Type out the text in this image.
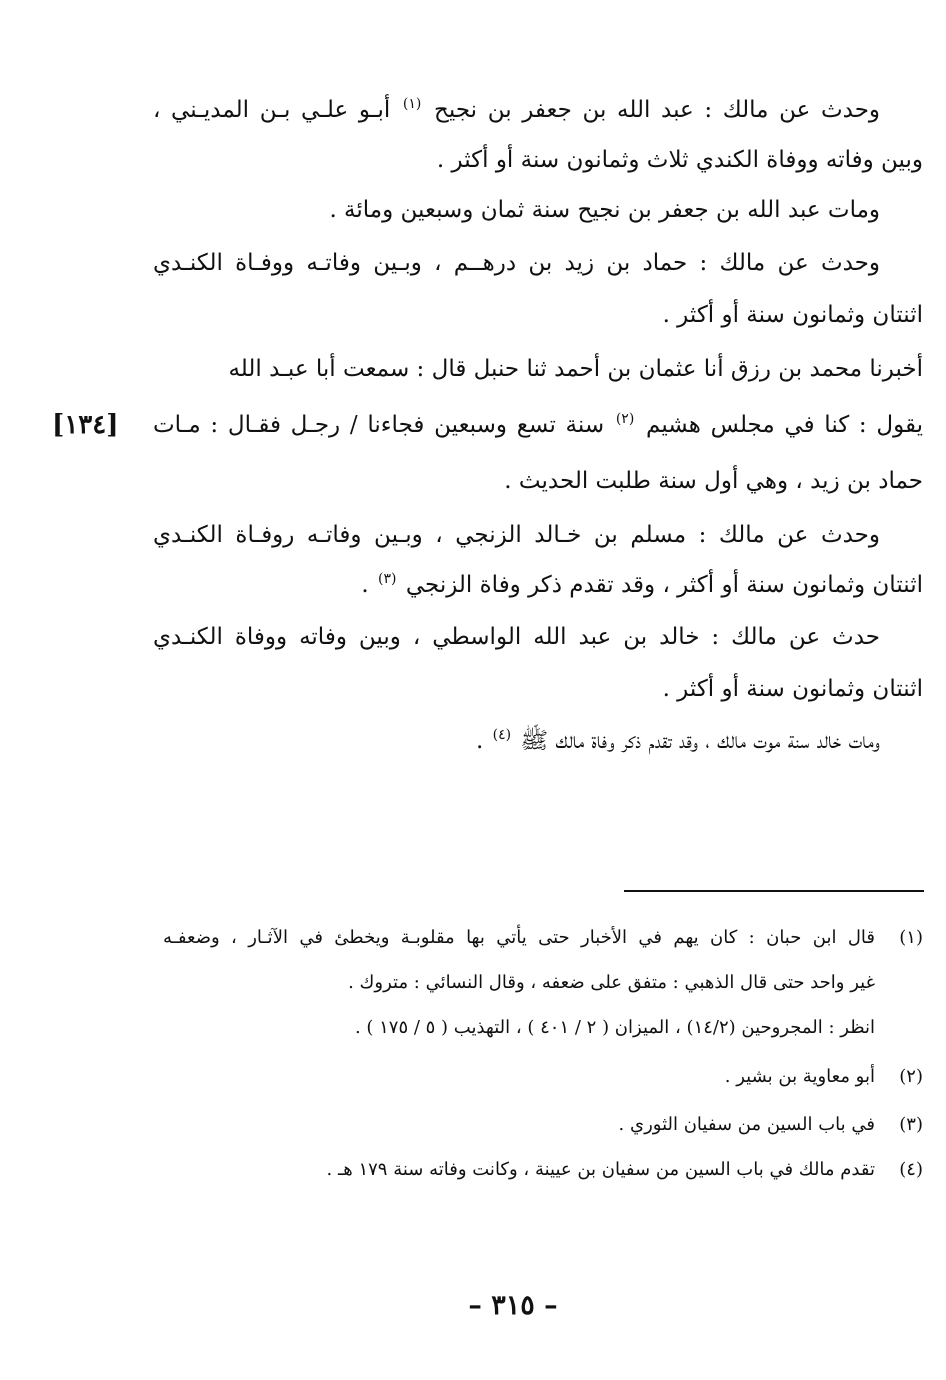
وحدث عن مالك : عبد الله بن جعفر بن نجيح $^{(١)}$ أبـو علـي بـن المديـني ،
وبين وفاته ووفاة الكندي ثلاث وثمانون سنة أو أكثر .
ومات عبد الله بن جعفر بن نجيح سنة ثمان وسبعين ومائة .
وحدث عن مالك : حماد بن زيد بن درهــم ، وبـين وفاتـه ووفـاة الكنـدي
اثنتان وثمانون سنة أو أكثر .
أخبرنا محمد بن رزق أنا عثمان بن أحمد ثنا حنبل قال : سمعت أبا عبـد الله
يقول : كنا في مجلس هشيم $^{(٢)}$ سنة تسع وسبعين فجاءنا / رجـل فقـال : مـات
حماد بن زيد ، وهي أول سنة طلبت الحديث .
[١٣٤]
وحدث عن مالك : مسلم بن خـالد الزنجي ، وبـين وفاتـه روفـاة الكنـدي
اثنتان وثمانون سنة أو أكثر ، وقد تقدم ذكر وفاة الزنجي $^{(٣)}$ .
حدث عن مالك : خالد بن عبد الله الواسطي ، وبين وفاته ووفاة الكنـدي
اثنتان وثمانون سنة أو أكثر .
ومات خالد سنة موت مالك ، وقد تقدم ذكر وفاة مالك ﷺ $^{(٤)}$ .
(١)قال ابن حبان : كان يهم في الأخبار حتى يأتي بها مقلوبـة ويخطئ في الآثـار ، وضعفـه
غير واحد حتى قال الذهبي : متفق على ضعفه ، وقال النسائي : متروك .
انظر : المجروحين (١٤/٢) ، الميزان ( ٢ / ٤٠١ ) ، التهذيب ( ٥ / ١٧٥ ) .
(٢)أبو معاوية بن بشير .
(٣)في باب السين من سفيان الثوري .
(٤)تقدم مالك في باب السين من سفيان بن عيينة ، وكانت وفاته سنة ١٧٩ هـ .
– ٣١٥ –
